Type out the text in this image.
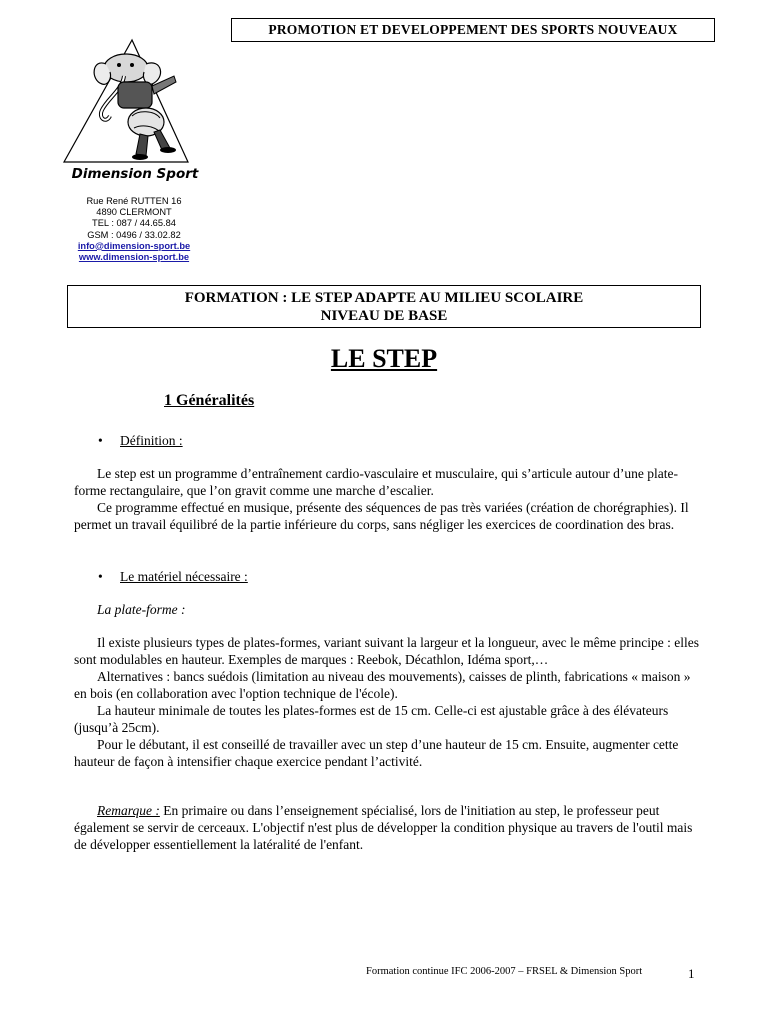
PROMOTION ET DEVELOPPEMENT DES SPORTS NOUVEAUX
Dimension Sport
Rue René RUTTEN 16
4890 CLERMONT
TEL : 087 / 44.65.84
GSM : 0496 / 33.02.82
info@dimension-sport.be
www.dimension-sport.be
FORMATION : LE STEP ADAPTE AU MILIEU SCOLAIRE
NIVEAU DE BASE
LE STEP
1 Généralités
• Définition :

Le step est un programme d’entraînement cardio-vasculaire et musculaire, qui s’articule autour d’une plate-forme rectangulaire, que l’on gravit comme une marche d’escalier.

Ce programme effectué en musique, présente des séquences de pas très variées (création de chorégraphies). Il permet un travail équilibré de la partie inférieure du corps, sans négliger les exercices de coordination des bras.

• Le matériel nécessaire :
La plate-forme :

Il existe plusieurs types de plates-formes, variant suivant la largeur et la longueur, avec le même principe : elles sont modulables en hauteur. Exemples de marques : Reebok, Décathlon, Idéma sport,…

Alternatives : bancs suédois (limitation au niveau des mouvements), caisses de plinth, fabrications « maison » en bois (en collaboration avec l'option technique de l'école).

La hauteur minimale de toutes les plates-formes est de 15 cm. Celle-ci est ajustable grâce à des élévateurs (jusqu’à 25cm).

Pour le débutant, il est conseillé de travailler avec un step d’une hauteur de 15 cm. Ensuite, augmenter cette hauteur de façon à intensifier chaque exercice pendant l’activité.

Remarque : En primaire ou dans l’enseignement spécialisé, lors de l'initiation au step, le professeur peut également se servir de cerceaux. L'objectif n'est plus de développer la condition physique au travers de l'outil mais de développer essentiellement la latéralité de l'enfant.

Formation continue IFC 2006-2007 – FRSEL & Dimension Sport	1
